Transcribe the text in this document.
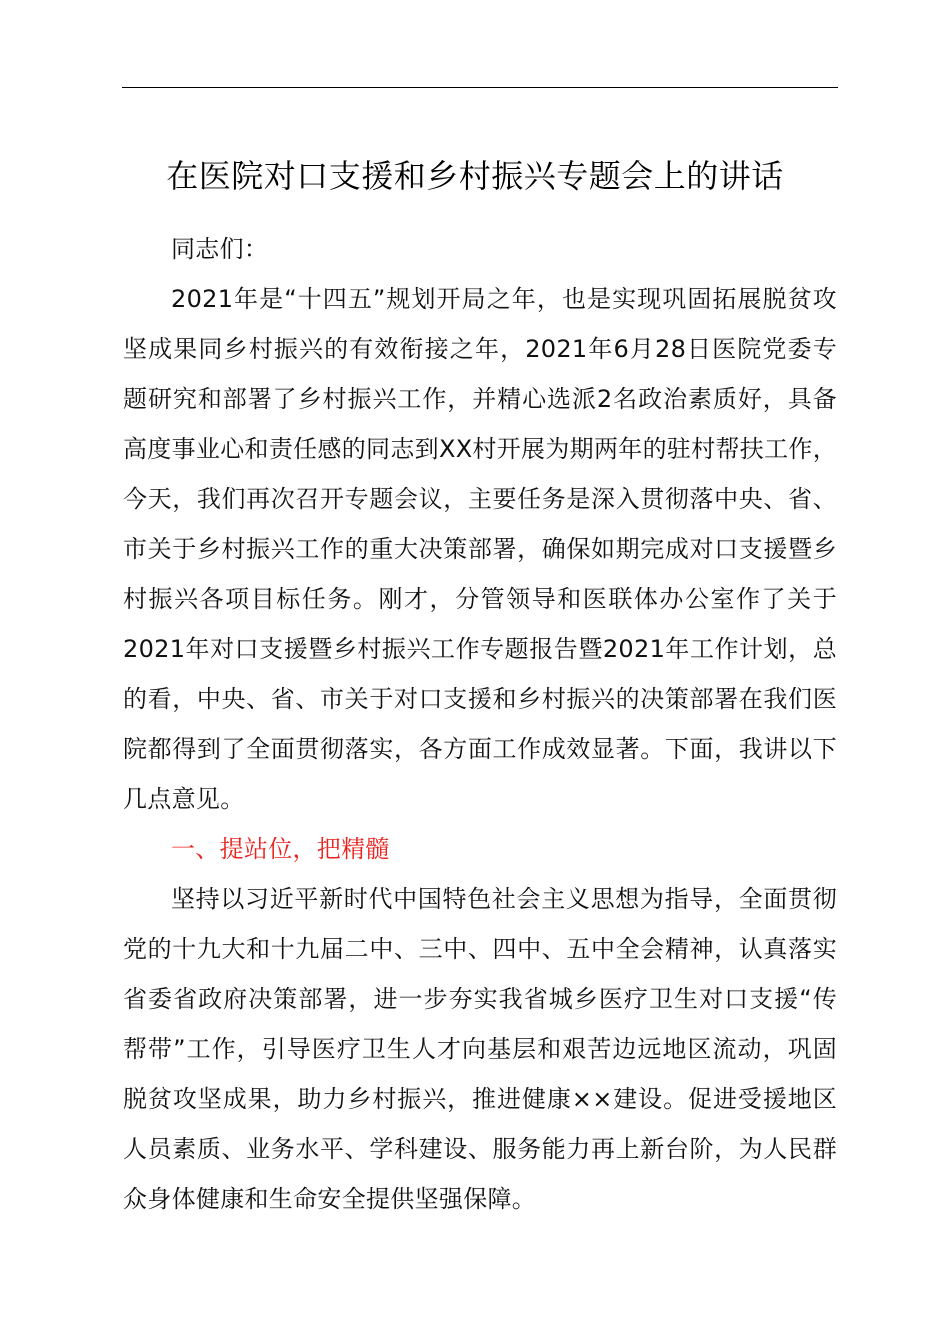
在医院对口支援和乡村振兴专题会上的讲话

同志们：

2021年是“十四五”规划开局之年，也是实现巩固拓展脱贫攻坚成果同乡村振兴的有效衔接之年，2021年6月28日医院党委专题研究和部署了乡村振兴工作，并精心选派2名政治素质好，具备高度事业心和责任感的同志到XX村开展为期两年的驻村帮扶工作，今天，我们再次召开专题会议，主要任务是深入贯彻落中央、省、市关于乡村振兴工作的重大决策部署，确保如期完成对口支援暨乡村振兴各项目标任务。刚才，分管领导和医联体办公室作了关于2021年对口支援暨乡村振兴工作专题报告暨2021年工作计划，总的看，中央、省、市关于对口支援和乡村振兴的决策部署在我们医院都得到了全面贯彻落实，各方面工作成效显著。下面，我讲以下几点意见。

一、提站位，把精髓

坚持以习近平新时代中国特色社会主义思想为指导，全面贯彻党的十九大和十九届二中、三中、四中、五中全会精神，认真落实省委省政府决策部署，进一步夯实我省城乡医疗卫生对口支援“传帮带”工作，引导医疗卫生人才向基层和艰苦边远地区流动，巩固脱贫攻坚成果，助力乡村振兴，推进健康××建设。促进受援地区人员素质、业务水平、学科建设、服务能力再上新台阶，为人民群众身体健康和生命安全提供坚强保障。
